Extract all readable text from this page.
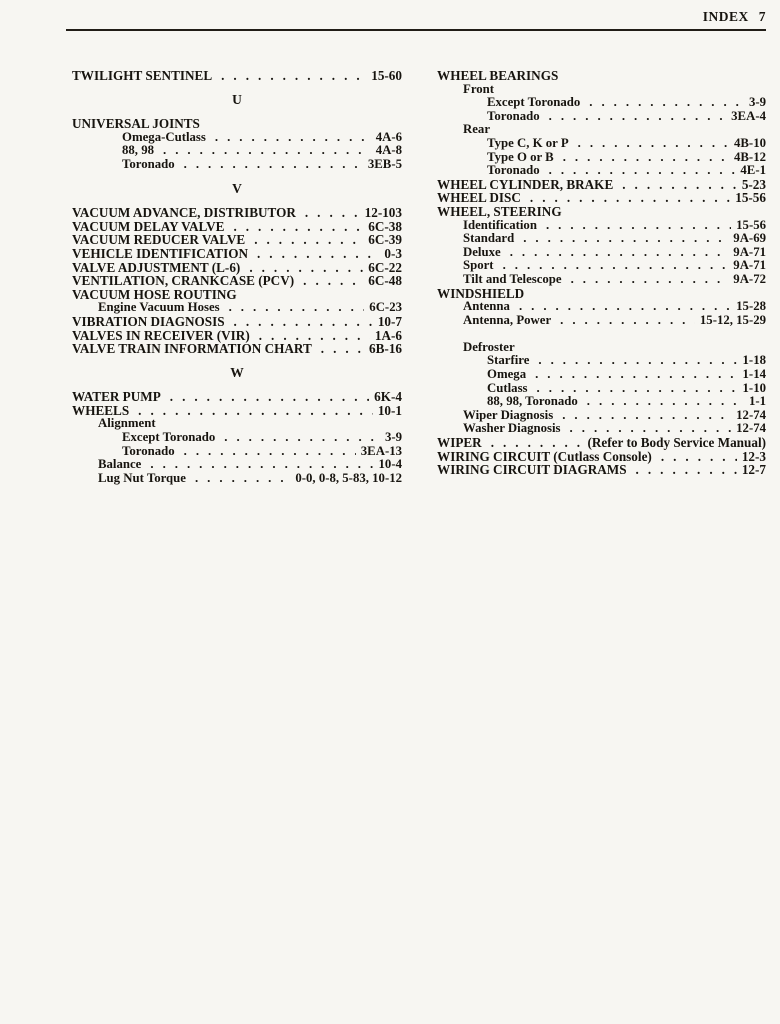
INDEX 7
TWILIGHT SENTINEL .....	15-60
U
UNIVERSAL JOINTS
Omega-Cutlass .....	4A-6
88, 98 .....	4A-8
Toronado .....	3EB-5
V
VACUUM ADVANCE, DISTRIBUTOR .....	12-103
VACUUM DELAY VALVE .....	6C-38
VACUUM REDUCER VALVE .....	6C-39
VEHICLE IDENTIFICATION .....	0-3
VALVE ADJUSTMENT (L-6) .....	6C-22
VENTILATION, CRANKCASE (PCV) .....	6C-48
VACUUM HOSE ROUTING
Engine Vacuum Hoses .....	6C-23
VIBRATION DIAGNOSIS .....	10-7
VALVES IN RECEIVER (VIR) .....	1A-6
VALVE TRAIN INFORMATION CHART .....	6B-16
W
WATER PUMP .....	6K-4
WHEELS .....	10-1
Alignment
Except Toronado .....	3-9
Toronado .....	3EA-13
Balance .....	10-4
Lug Nut Torque .....	0-0, 0-8, 5-83, 10-12
WHEEL BEARINGS
Front
Except Toronado .....	3-9
Toronado .....	3EA-4
Rear
Type C, K or P .....	4B-10
Type O or B .....	4B-12
Toronado .....	4E-1
WHEEL CYLINDER, BRAKE .....	5-23
WHEEL DISC .....	15-56
WHEEL, STEERING
Identification .....	15-56
Standard .....	9A-69
Deluxe .....	9A-71
Sport .....	9A-71
Tilt and Telescope .....	9A-72
WINDSHIELD
Antenna .....	15-28
Antenna, Power .....	15-12, 15-29
Defroster
Starfire .....	1-18
Omega .....	1-14
Cutlass .....	1-10
88, 98, Toronado .....	1-1
Wiper Diagnosis .....	12-74
Washer Diagnosis .....	12-74
WIPER .....	(Refer to Body Service Manual)
WIRING CIRCUIT (Cutlass Console) .....	12-3
WIRING CIRCUIT DIAGRAMS .....	12-7
